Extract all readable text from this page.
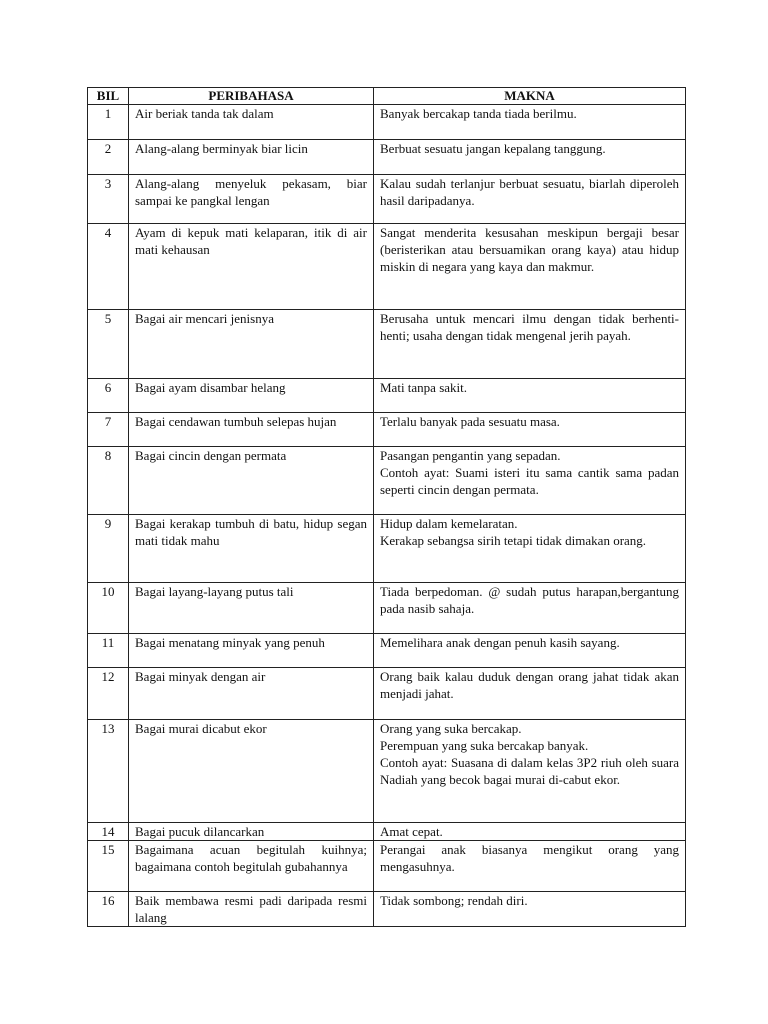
BIL	PERIBAHASA	MAKNA
1	Air beriak tanda tak dalam	Banyak bercakap tanda tiada berilmu.
2	Alang-alang berminyak biar licin	Berbuat sesuatu jangan kepalang tanggung.
3	Alang-alang menyeluk pekasam, biar sampai ke pangkal lengan	Kalau sudah terlanjur berbuat sesuatu, biarlah diperoleh hasil daripadanya.
4	Ayam di kepuk mati kelaparan, itik di air mati kehausan	Sangat menderita kesusahan meskipun bergaji besar (beristerikan atau bersuamikan orang kaya) atau hidup miskin di negara yang kaya dan makmur.
5	Bagai air mencari jenisnya	Berusaha untuk mencari ilmu dengan tidak berhenti-henti; usaha dengan tidak mengenal jerih payah.
6	Bagai ayam disambar helang	Mati tanpa sakit.
7	Bagai cendawan tumbuh selepas hujan	Terlalu banyak pada sesuatu masa.
8	Bagai cincin dengan permata	Pasangan pengantin yang sepadan.
Contoh ayat: Suami isteri itu sama cantik sama padan seperti cincin dengan permata.

9	Bagai kerakap tumbuh di batu, hidup segan mati tidak mahu	Hidup dalam kemelaratan.
Kerakap sebangsa sirih tetapi tidak dimakan orang.

10	Bagai layang-layang putus tali	Tiada berpedoman. @ sudah putus harapan,bergantung pada nasib sahaja.
11	Bagai menatang minyak yang penuh	Memelihara anak dengan penuh kasih sayang.
12	Bagai minyak dengan air	Orang baik kalau duduk dengan orang jahat tidak akan menjadi jahat.
13	Bagai murai dicabut ekor	Orang yang suka bercakap.
Perempuan yang suka bercakap banyak.
Contoh ayat: Suasana di dalam kelas 3P2 riuh oleh suara Nadiah yang becok bagai murai di-cabut ekor.

14	Bagai pucuk dilancarkan	Amat cepat.
15	Bagaimana acuan begitulah kuihnya; bagaimana contoh begitulah gubahannya	Perangai anak biasanya mengikut orang yang mengasuhnya.
16	Baik membawa resmi padi daripada resmi lalang	Tidak sombong; rendah diri.
